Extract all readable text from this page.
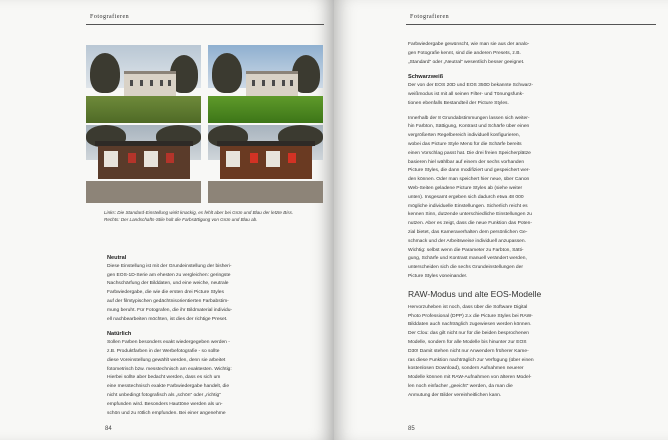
Fotografieren
Links: Die Standard-Einstellung wirkt knackig, es fehlt aber bei Grün und Blau der letzte Biss.
Rechts: Der Landschafts-Stile holt die Farbsättigung von Grün und Blau ab.
Neutral
Diese Einstellung ist mit der Grundeinstellung der bisheri-
gen EOS-1D-Serie am ehesten zu vergleichen: geringste
Nachschärfung der Bilddaten, und eine weiche, neutrale
Farbwiedergabe, die wie die ersten drei Picture Styles
auf der filmtypischen gedächtnisorientierten Farbabstim-
mung beruht. Für Fotografen, die ihr Bildmaterial individu-
ell nachbearbeiten möchten, ist dies der richtige Preset.
Natürlich
Sollen Farben besonders exakt wiedergegeben werden -
z.B. Produktfarben in der Werbefotografie - so sollte
diese Voreinstellung gewählt werden, denn sie arbeitet
fotometrisch bzw. messtechnisch am exaktesten. Wichtig:
Hierbei sollte aber bedacht werden, dass es sich um
eine messtechnisch exakte Farbwiedergabe handelt, die
nicht unbedingt fotografisch als „schön“ oder „richtig“
empfunden wird. Besonders Hauttöne werden als un-
schön und zu rötlich empfunden. Bei einer angenehme
84
Fotografieren
Farbwiedergabe gewünscht, wie man sie aus der analo-
gen Fotografie kennt, sind die anderen Presets, z.B.
„Standard“ oder „Neutral“ wesentlich besser geeignet.
Schwarzweiß
Der von der EOS 20D und EOS 350D bekannte Schwarz-
weißmodus ist mit all seinen Filter- und Tönungsfunk-
tionen ebenfalls Bestandteil der Picture Styles.
Innerhalb der 8 Grundabstimmungen lassen sich weiter-
hin Farbton, Sättigung, Kontrast und Schärfe über einen
vergrößerten Regelbereich individuell konfigurieren,
wobei das Picture Style Menü für die Schärfe bereits
einen Vorschlag passt hat. Die drei freien Speicherplätze
basieren hiel wählbar auf einem der sechs vorhanden
Picture Styles, die dann modifiziert und gespeichert wer-
den können. Oder man speichert hier neue, über Canon
Web-Seiten geladene Picture Styles ab (siehe weiter
unten). Insgesamt ergeben sich dadurch etwa 48 000
mögliche individuelle Einstellungen. Sicherlich reicht es
kennen Sinn, dutzende unterschiedliche Einstellungen zu
nutzen. Aber es zeigt, dass die neue Funktion das Poten-
zial bietet, das Kameraverhalten dem persönlichen Ge-
schmack und der Arbeitsweise individuell anzupassen.
Wichtig: selbst wenn die Parameter zu Farbton, Sätti-
gung, Schärfe und Kontrast manuell verändert werden,
unterscheiden sich die sechs Grundeinstellungen der
Picture Styles voneinander.
RAW-Modus und alte EOS-Modelle
Hervorzuheben ist noch, dass über die Software Digital
Photo Professional (DPP) 2.x die Picture Styles bei RAW-
Bilddaten auch nachträglich zugewiesen werden können.
Der Clou: das gilt nicht nur für die beiden besprochenen
Modelle, sondern für alle Modelle bis hinunter zur EOS
D30! Damit stehen nicht nur Anwendern früherer Kame-
ras diese Funktion nachträglich zur Verfügung (über einen
kostenlosen Download), sondern Aufnahmen neuerer
Modelle können mit RAW-Aufnahmen von älteren Model-
len noch einfacher „geeicht“ werden, da man die
Anmutung der Bilder vereinheitlichen kann.
85
